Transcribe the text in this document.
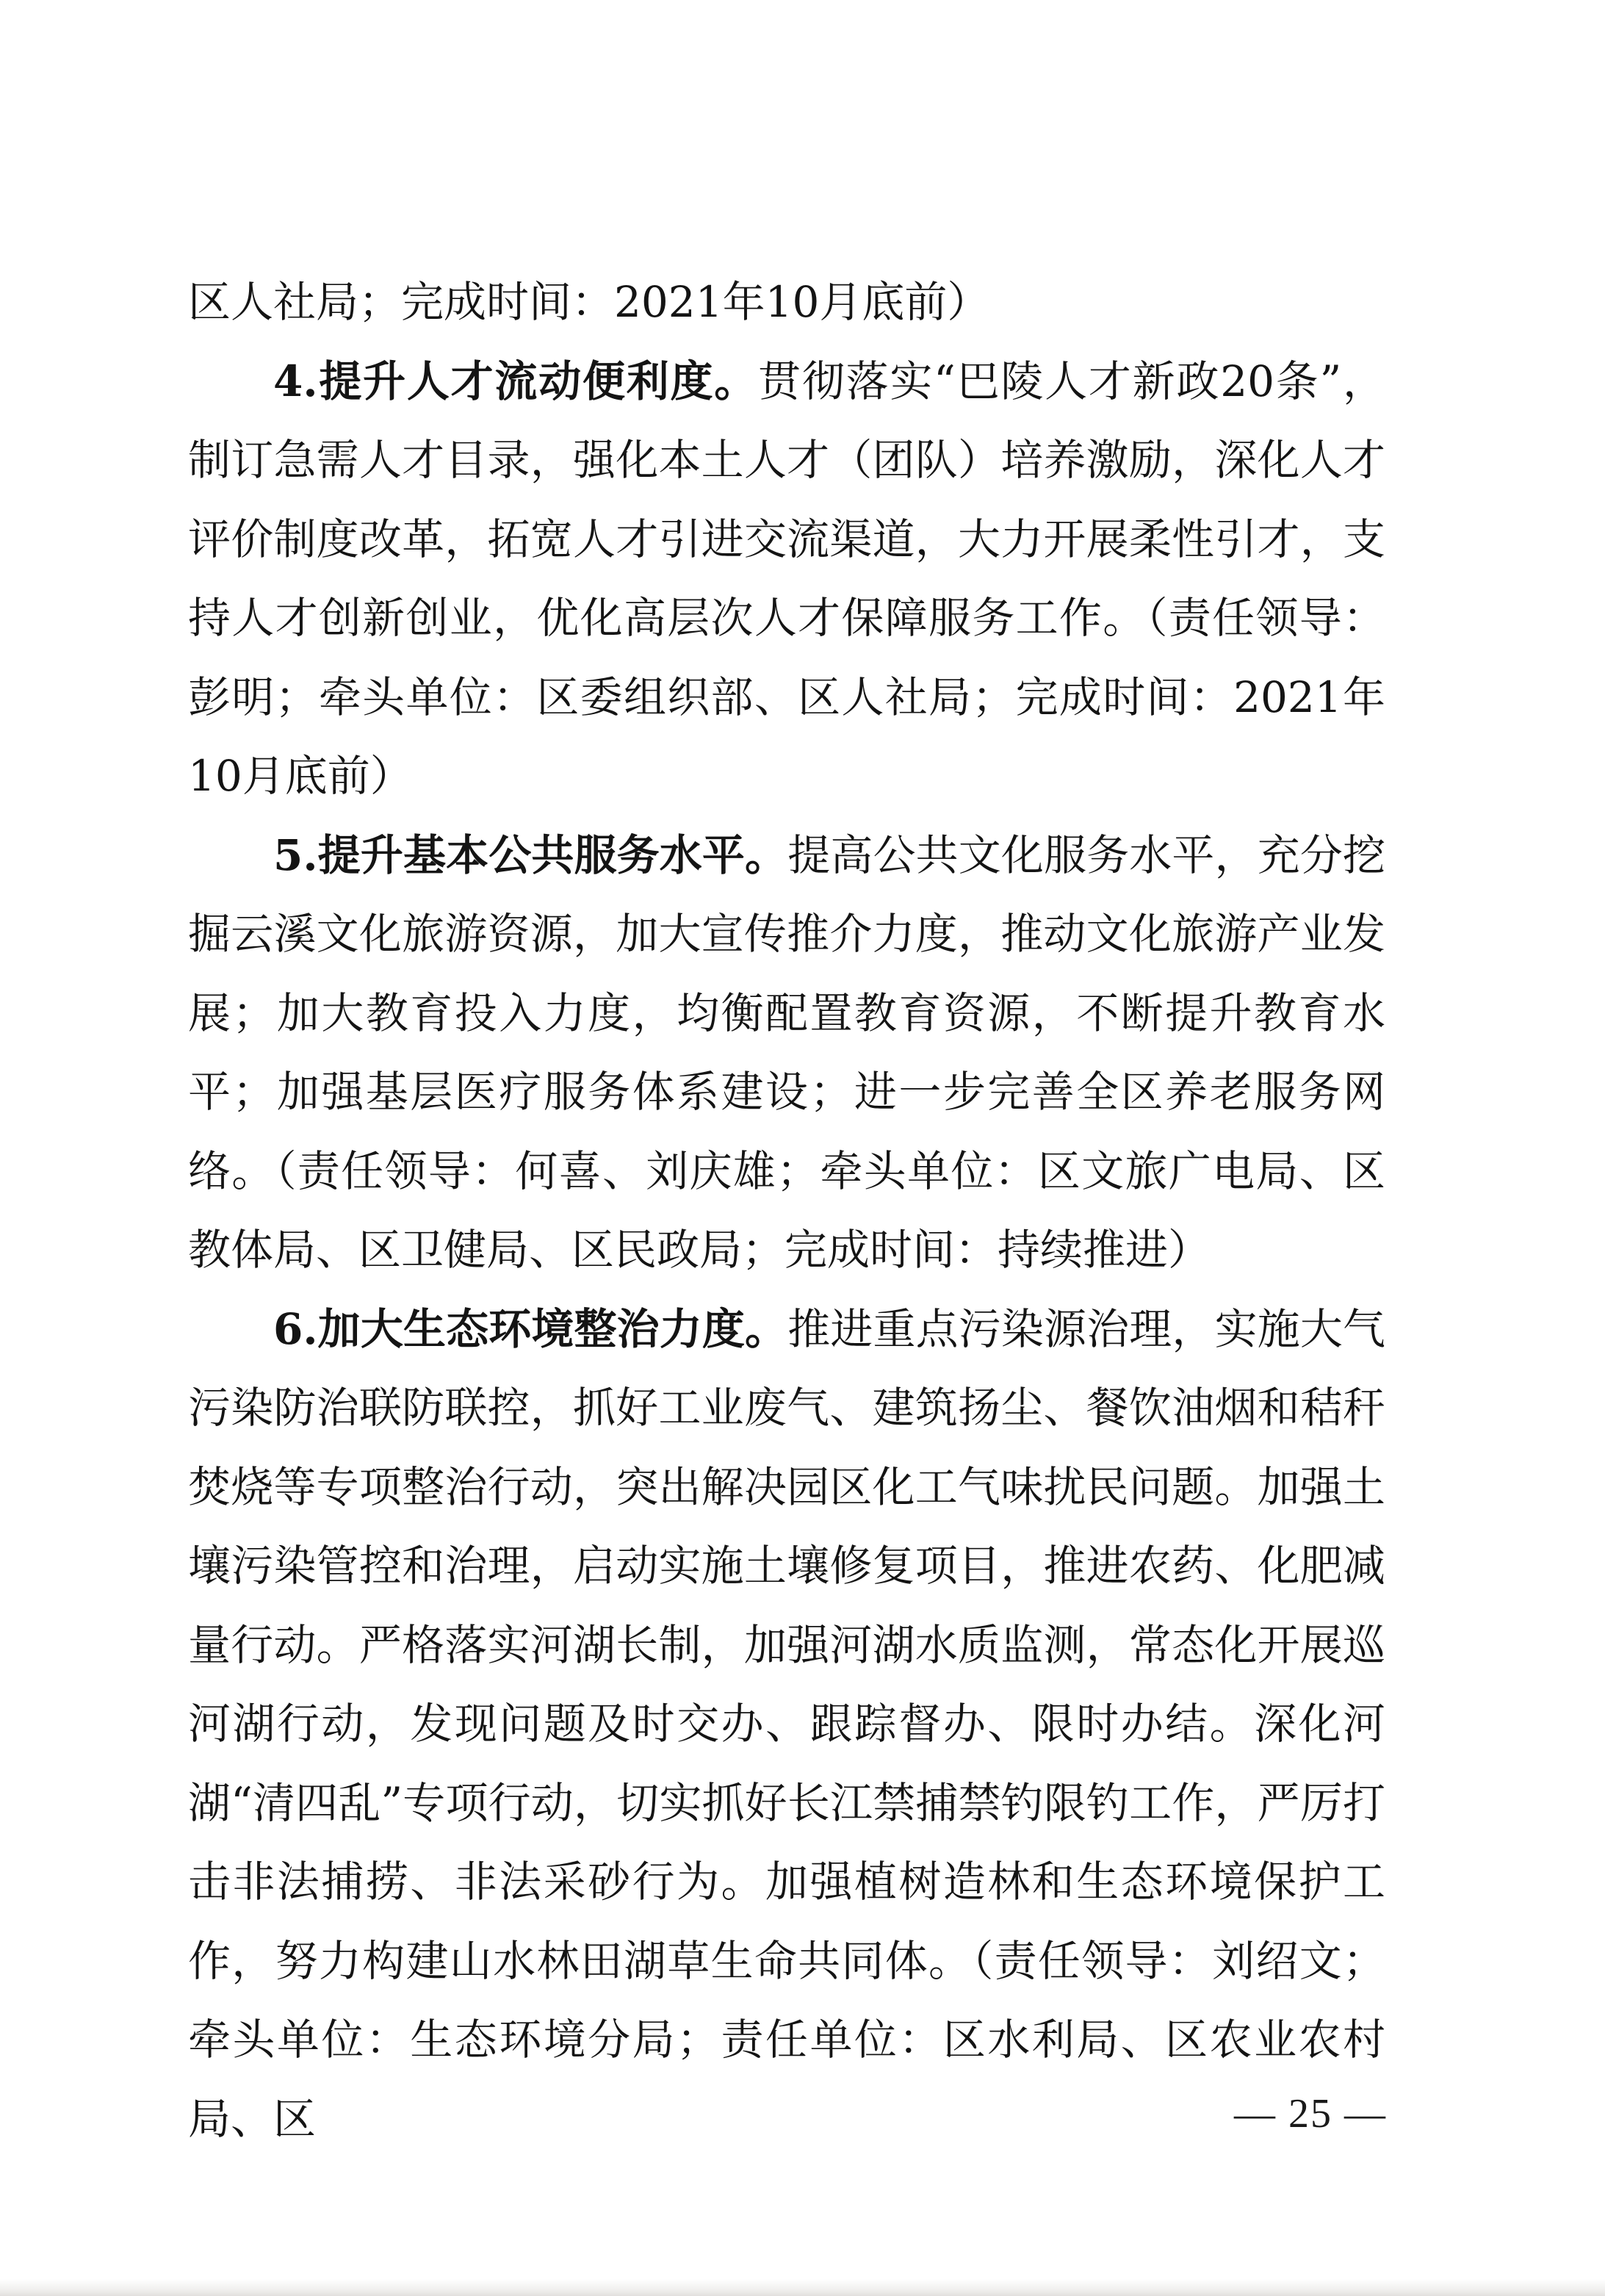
区人社局；完成时间：2021年10月底前）

4.提升人才流动便利度。贯彻落实“巴陵人才新政20条”，制订急需人才目录，强化本土人才（团队）培养激励，深化人才评价制度改革，拓宽人才引进交流渠道，大力开展柔性引才，支持人才创新创业，优化高层次人才保障服务工作。（责任领导：彭明；牵头单位：区委组织部、区人社局；完成时间：2021年10月底前）

5.提升基本公共服务水平。提高公共文化服务水平，充分挖掘云溪文化旅游资源，加大宣传推介力度，推动文化旅游产业发展；加大教育投入力度，均衡配置教育资源，不断提升教育水平；加强基层医疗服务体系建设；进一步完善全区养老服务网络。（责任领导：何喜、刘庆雄；牵头单位：区文旅广电局、区教体局、区卫健局、区民政局；完成时间：持续推进）

6.加大生态环境整治力度。推进重点污染源治理，实施大气污染防治联防联控，抓好工业废气、建筑扬尘、餐饮油烟和秸秆焚烧等专项整治行动，突出解决园区化工气味扰民问题。加强土壤污染管控和治理，启动实施土壤修复项目，推进农药、化肥减量行动。严格落实河湖长制，加强河湖水质监测，常态化开展巡河湖行动，发现问题及时交办、跟踪督办、限时办结。深化河湖“清四乱”专项行动，切实抓好长江禁捕禁钓限钓工作，严厉打击非法捕捞、非法采砂行为。加强植树造林和生态环境保护工作，努力构建山水林田湖草生命共同体。（责任领导：刘绍文；牵头单位：生态环境分局；责任单位：区水利局、区农业农村局、区	— 25 —
